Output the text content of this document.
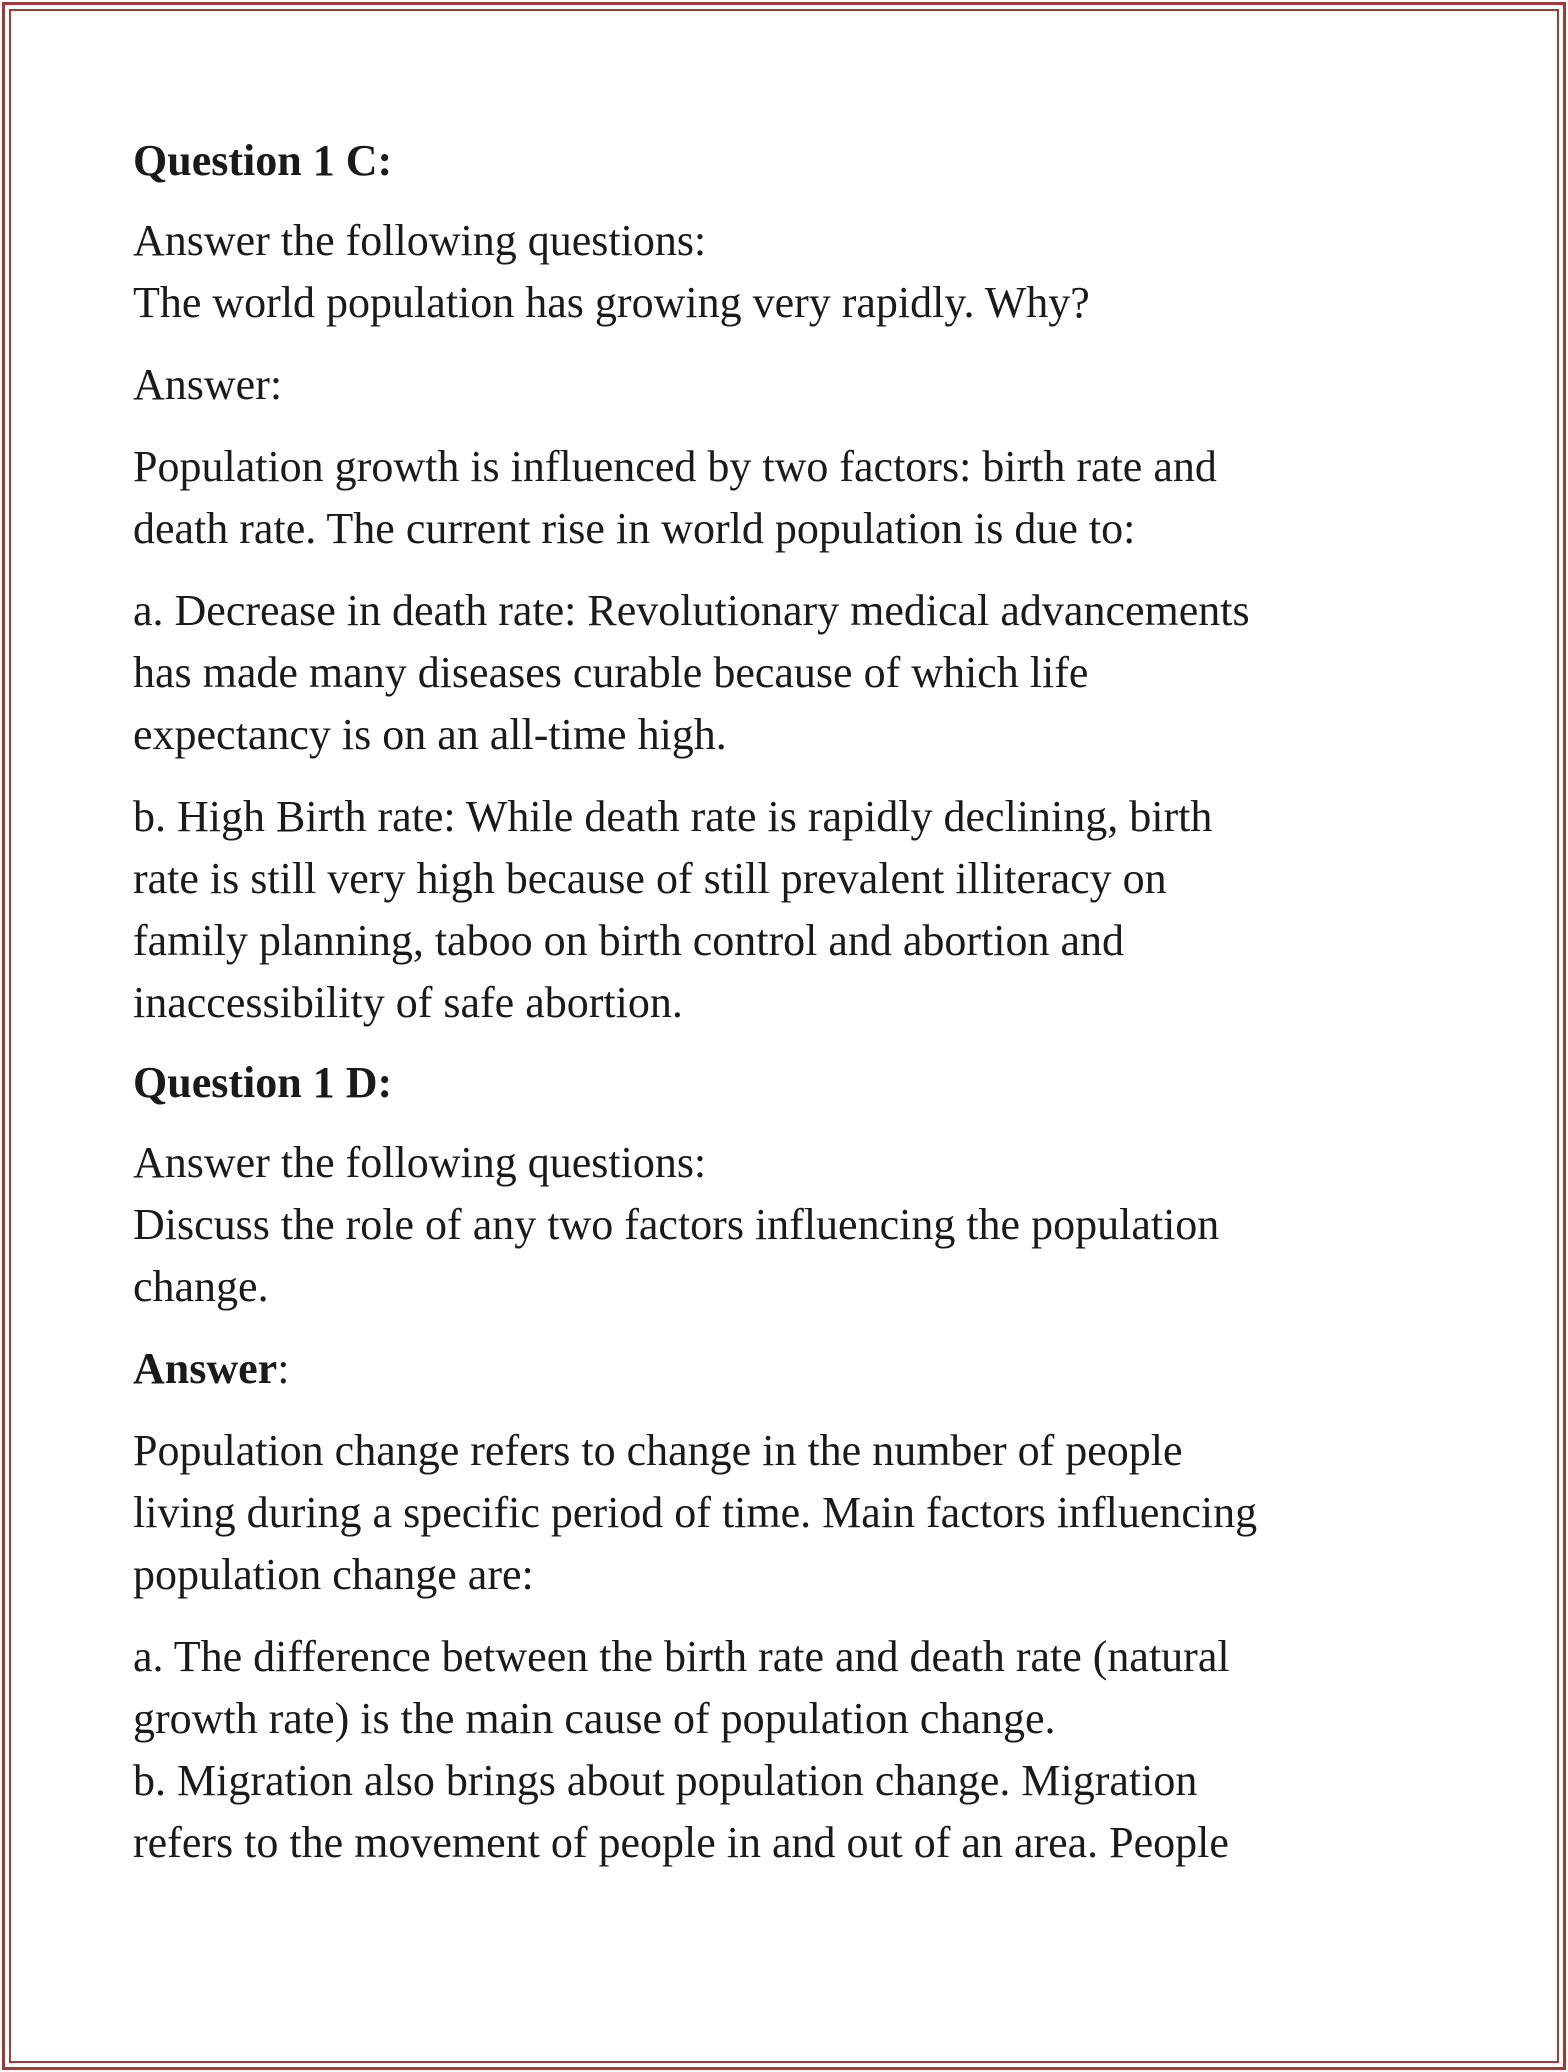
Question 1 C:
Answer the following questions:
The world population has growing very rapidly. Why?
Answer:
Population growth is influenced by two factors: birth rate and
death rate. The current rise in world population is due to:
a. Decrease in death rate: Revolutionary medical advancements
has made many diseases curable because of which life
expectancy is on an all-time high.
b. High Birth rate: While death rate is rapidly declining, birth
rate is still very high because of still prevalent illiteracy on
family planning, taboo on birth control and abortion and
inaccessibility of safe abortion.
Question 1 D:
Answer the following questions:
Discuss the role of any two factors influencing the population
change.
Answer:
Population change refers to change in the number of people
living during a specific period of time. Main factors influencing
population change are:
a. The difference between the birth rate and death rate (natural
growth rate) is the main cause of population change.
b. Migration also brings about population change. Migration
refers to the movement of people in and out of an area. People
